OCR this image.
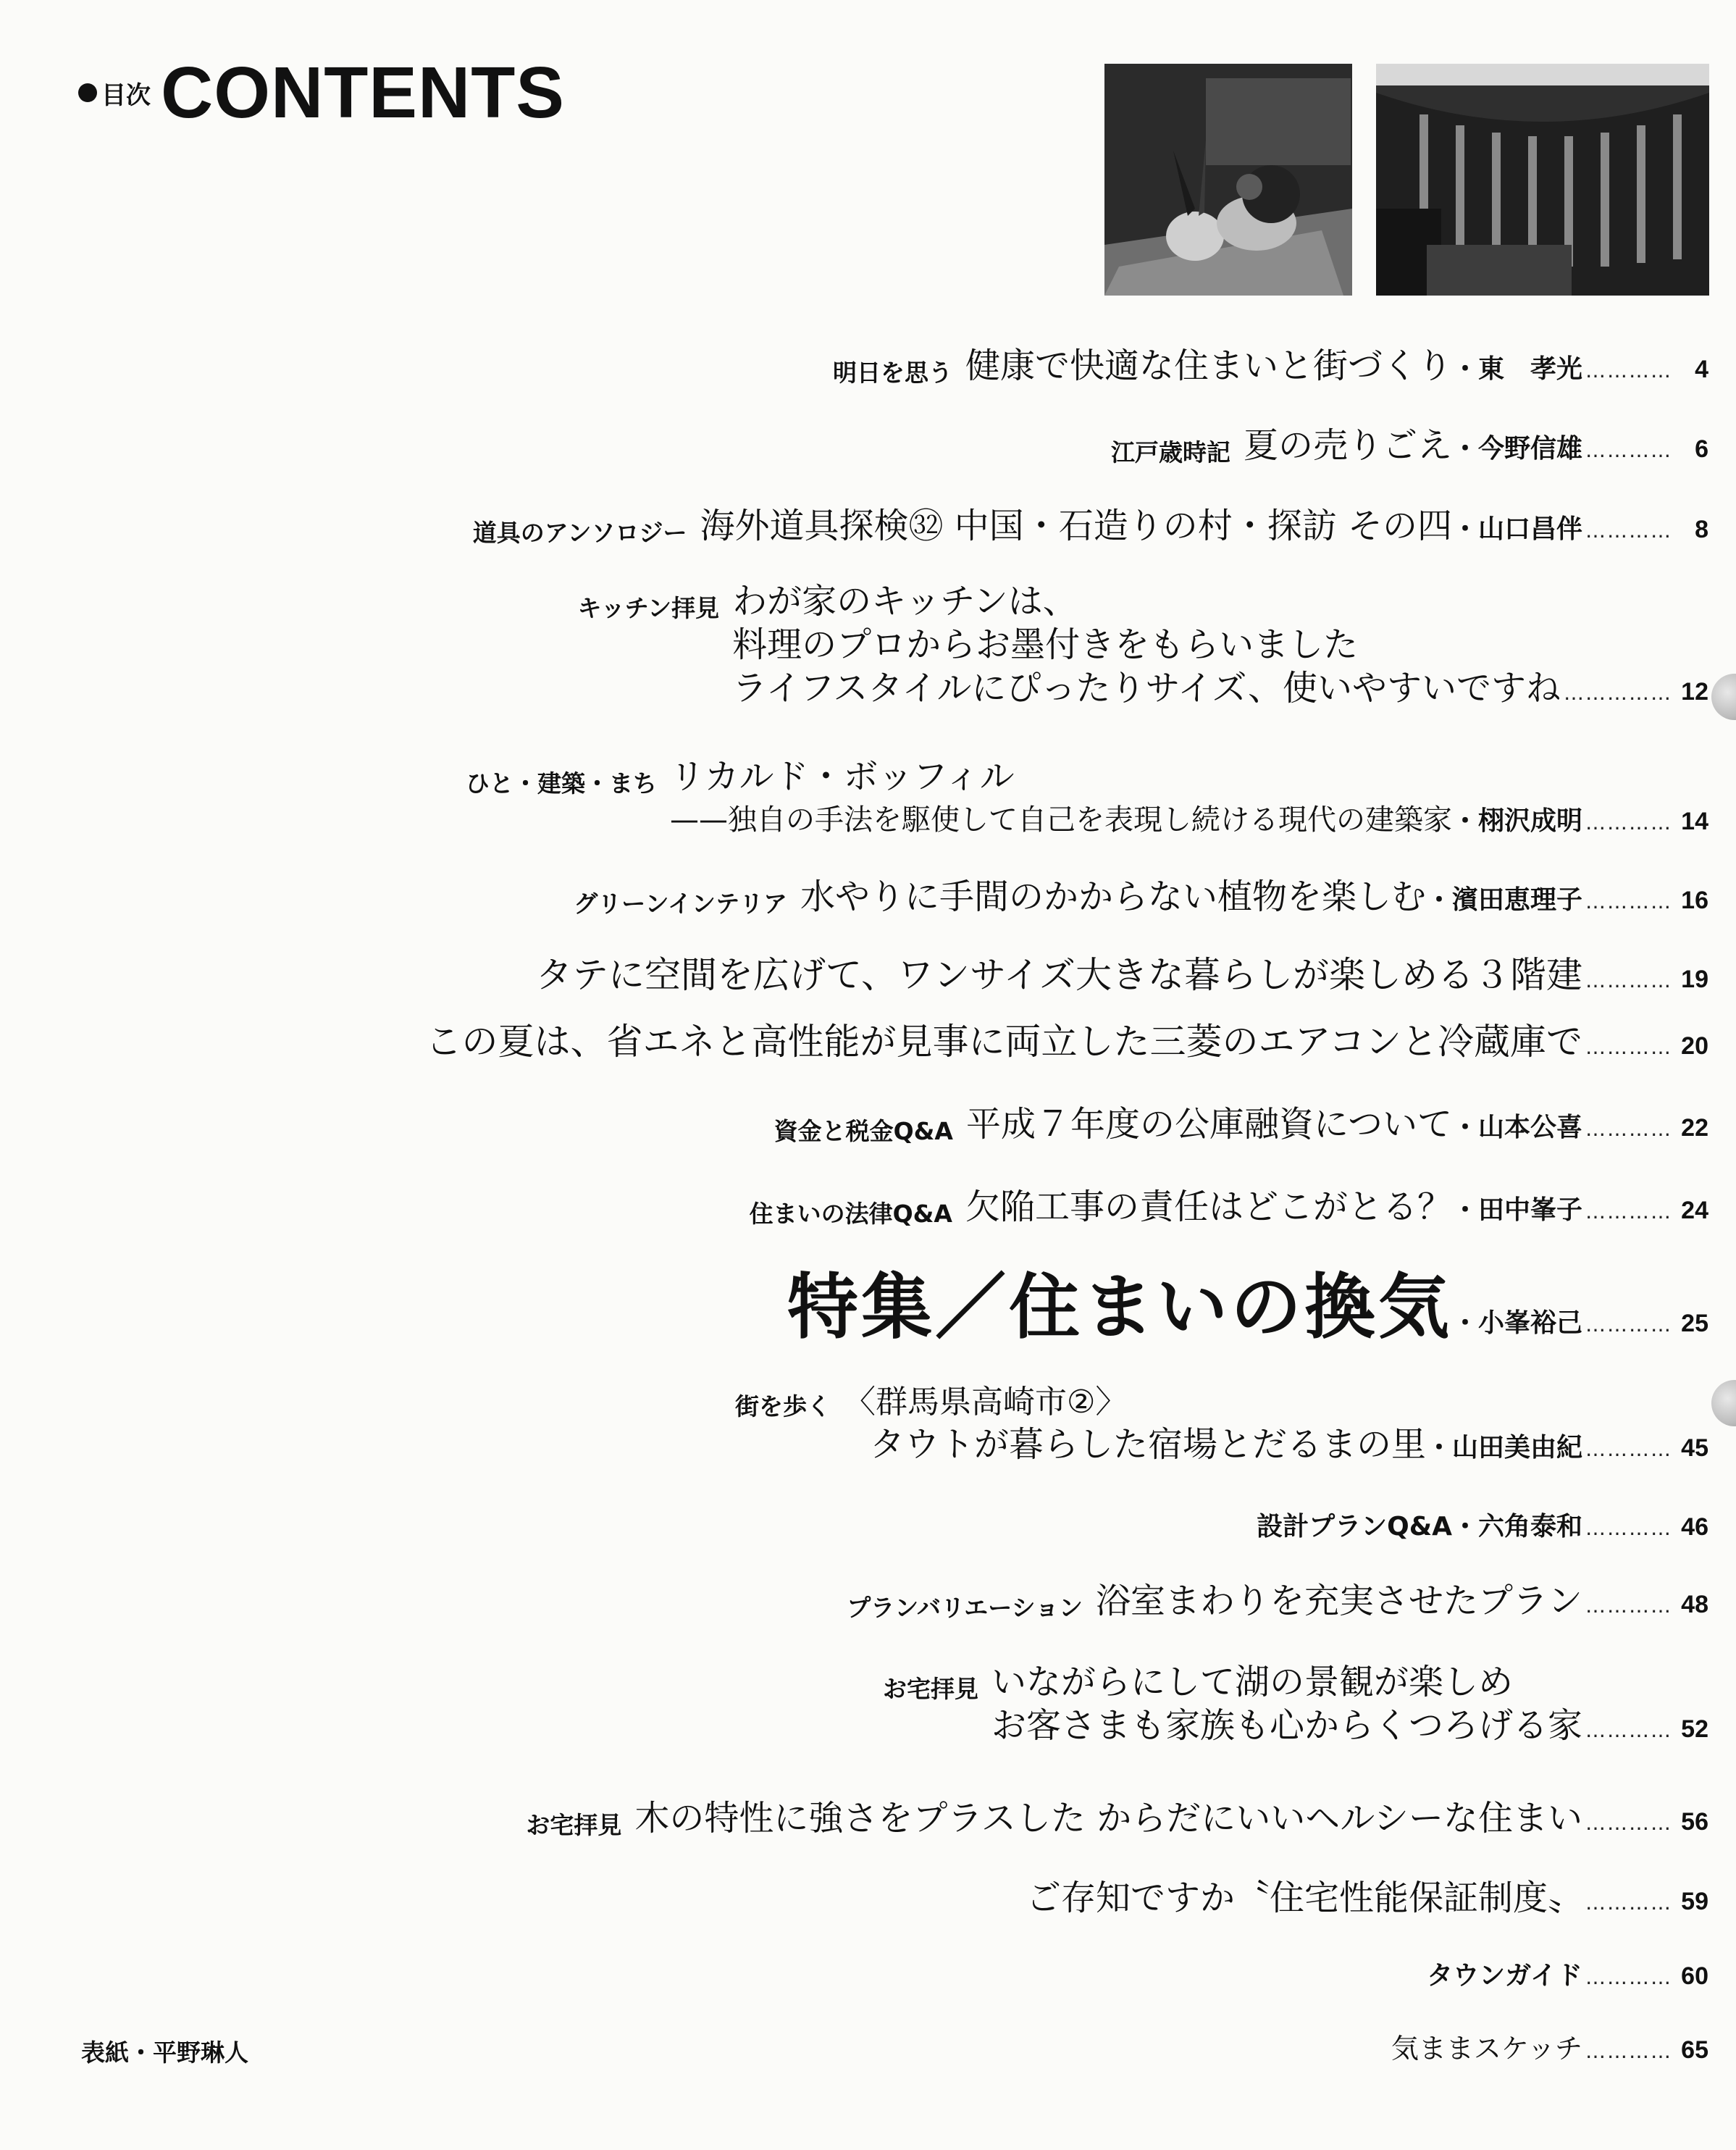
目次 CONTENTS
明日を思う 健康で快適な住まいと街づくり ・東　孝光 ………… 4
江戸歳時記 夏の売りごえ ・今野信雄 ………… 6
道具のアンソロジー 海外道具探検㉜ 中国・石造りの村・探訪 その四 ・山口昌伴 ………… 8
キッチン拝見 わが家のキッチンは、
料理のプロからお墨付きをもらいました
ライフスタイルにぴったりサイズ、使いやすいですね …………… 12
ひと・建築・まち リカルド・ボッフィル
——独自の手法を駆使して自己を表現し続ける現代の建築家 ・栩沢成明 ………… 14
グリーンインテリア 水やりに手間のかからない植物を楽しむ ・濱田恵理子 ………… 16
タテに空間を広げて、ワンサイズ大きな暮らしが楽しめる３階建 ………… 19
この夏は、省エネと高性能が見事に両立した三菱のエアコンと冷蔵庫で ………… 20
資金と税金Q&A 平成７年度の公庫融資について ・山本公喜 ………… 22
住まいの法律Q&A 欠陥工事の責任はどこがとる？ ・田中峯子 ………… 24
特集／住まいの換気 ・小峯裕己 ………… 25
街を歩く 〈群馬県高崎市②〉
タウトが暮らした宿場とだるまの里 ・山田美由紀 ………… 45
設計プランQ&A ・六角泰和 ………… 46
プランバリエーション 浴室まわりを充実させたプラン ………… 48
お宅拝見 いながらにして湖の景観が楽しめ
お客さまも家族も心からくつろげる家 ………… 52
お宅拝見 木の特性に強さをプラスした からだにいいヘルシーな住まい ………… 56
ご存知ですか〝住宅性能保証制度〟 ………… 59
タウンガイド ………… 60
気ままスケッチ ………… 65
表紙・平野琳人
